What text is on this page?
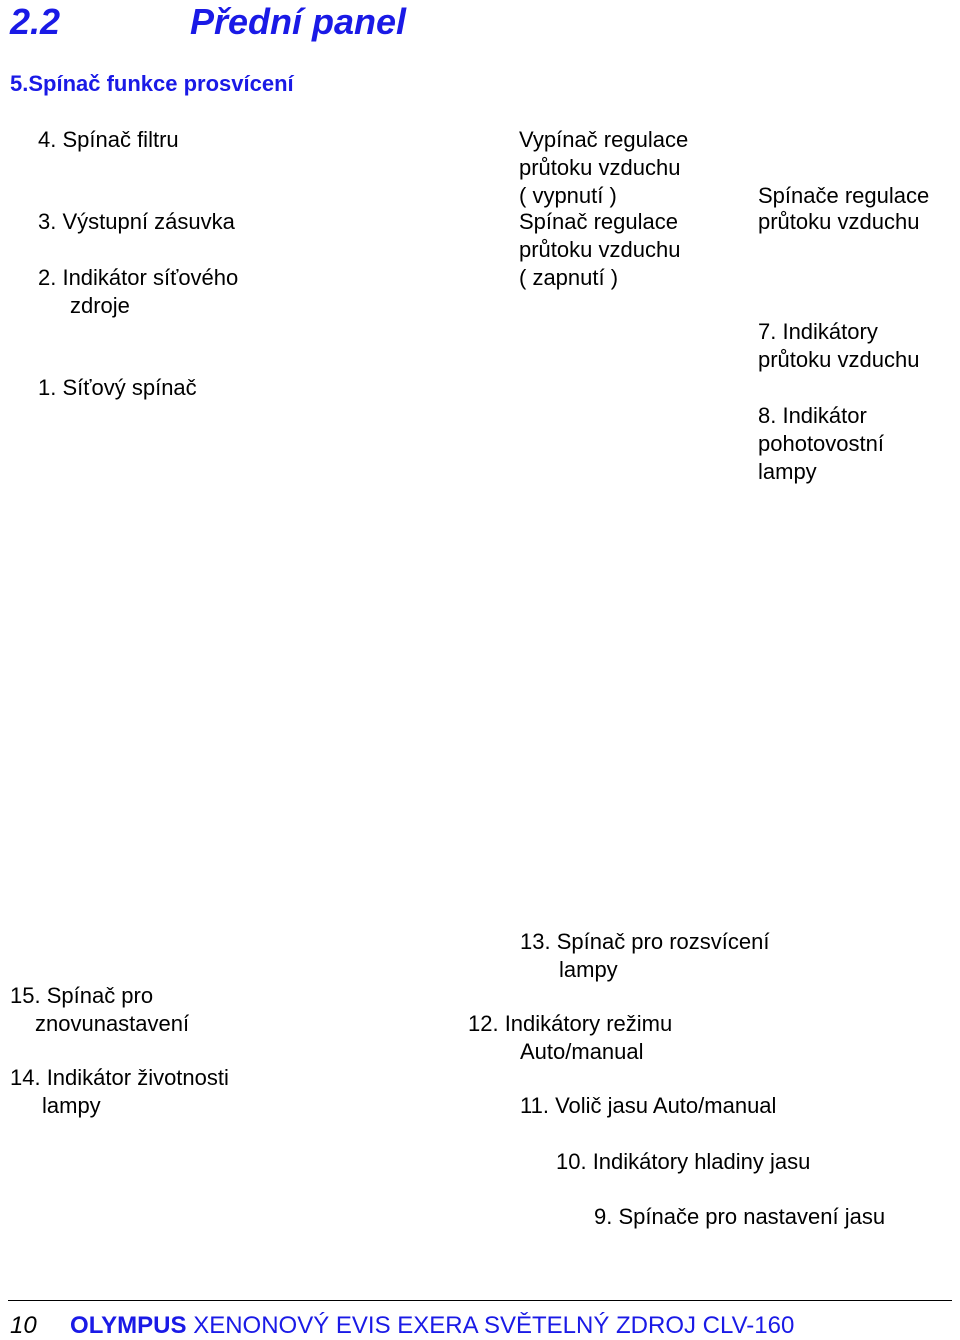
2.2	Přední panel
5.Spínač funkce prosvícení
4. Spínač filtru
3. Výstupní zásuvka
2. Indikátor síťového
zdroje
1. Síťový spínač
Vypínač regulace
průtoku vzduchu
( vypnutí )
Spínač regulace
průtoku vzduchu
( zapnutí )
Spínače regulace
průtoku vzduchu
7. Indikátory
průtoku vzduchu
8. Indikátor
pohotovostní
lampy
15. Spínač pro
znovunastavení
14. Indikátor životnosti
lampy
13. Spínač pro rozsvícení
lampy
12. Indikátory režimu
Auto/manual
11. Volič jasu Auto/manual
10. Indikátory hladiny jasu
9. Spínače pro nastavení jasu
10 OLYMPUS XENONOVÝ EVIS EXERA SVĚTELNÝ ZDROJ CLV-160
